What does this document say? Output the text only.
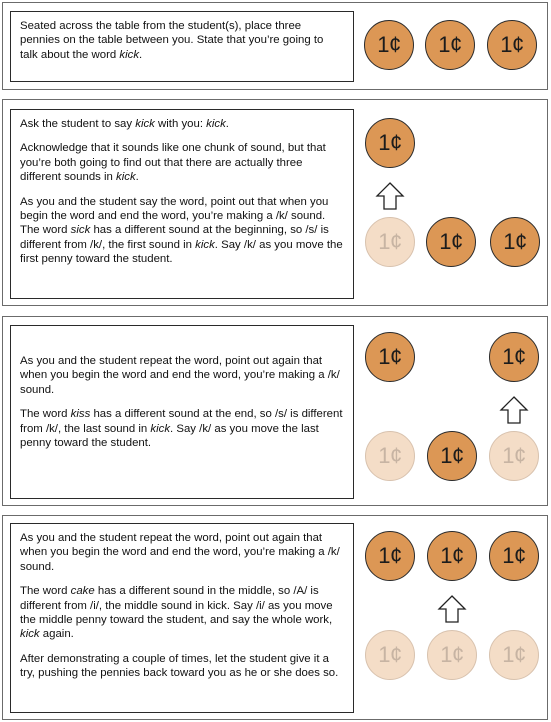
Seated across the table from the student(s), place three pennies on the table between you. State that you’re going to talk about the word kick.	1¢ 1¢ 1¢

Ask the student to say kick with you: kick.

Acknowledge that it sounds like one chunk of sound, but that you’re both going to find out that there are actually three different sounds in kick.

As you and the student say the word, point out that when you begin the word and end the word, you’re making a /k/ sound. The word sick has a different sound at the beginning, so /s/ is different from /k/, the first sound in kick. Say /k/ as you move the first penny toward the student.

1¢
1¢ 1¢ 1¢

As you and the student repeat the word, point out again that when you begin the word and end the word, you’re making a /k/ sound.

The word kiss has a different sound at the end, so /s/ is different from /k/, the last sound in kick. Say /k/ as you move the last penny toward the student.

1¢	1¢
1¢ 1¢ 1¢

As you and the student repeat the word, point out again that when you begin the word and end the word, you’re making a /k/ sound.

The word cake has a different sound in the middle, so /A/ is different from /i/, the middle sound in kick. Say /i/ as you move the middle penny toward the student, and say the whole work, kick again.

After demonstrating a couple of times, let the student give it a try, pushing the pennies back toward you as he or she does so.

1¢ 1¢ 1¢
1¢ 1¢ 1¢
